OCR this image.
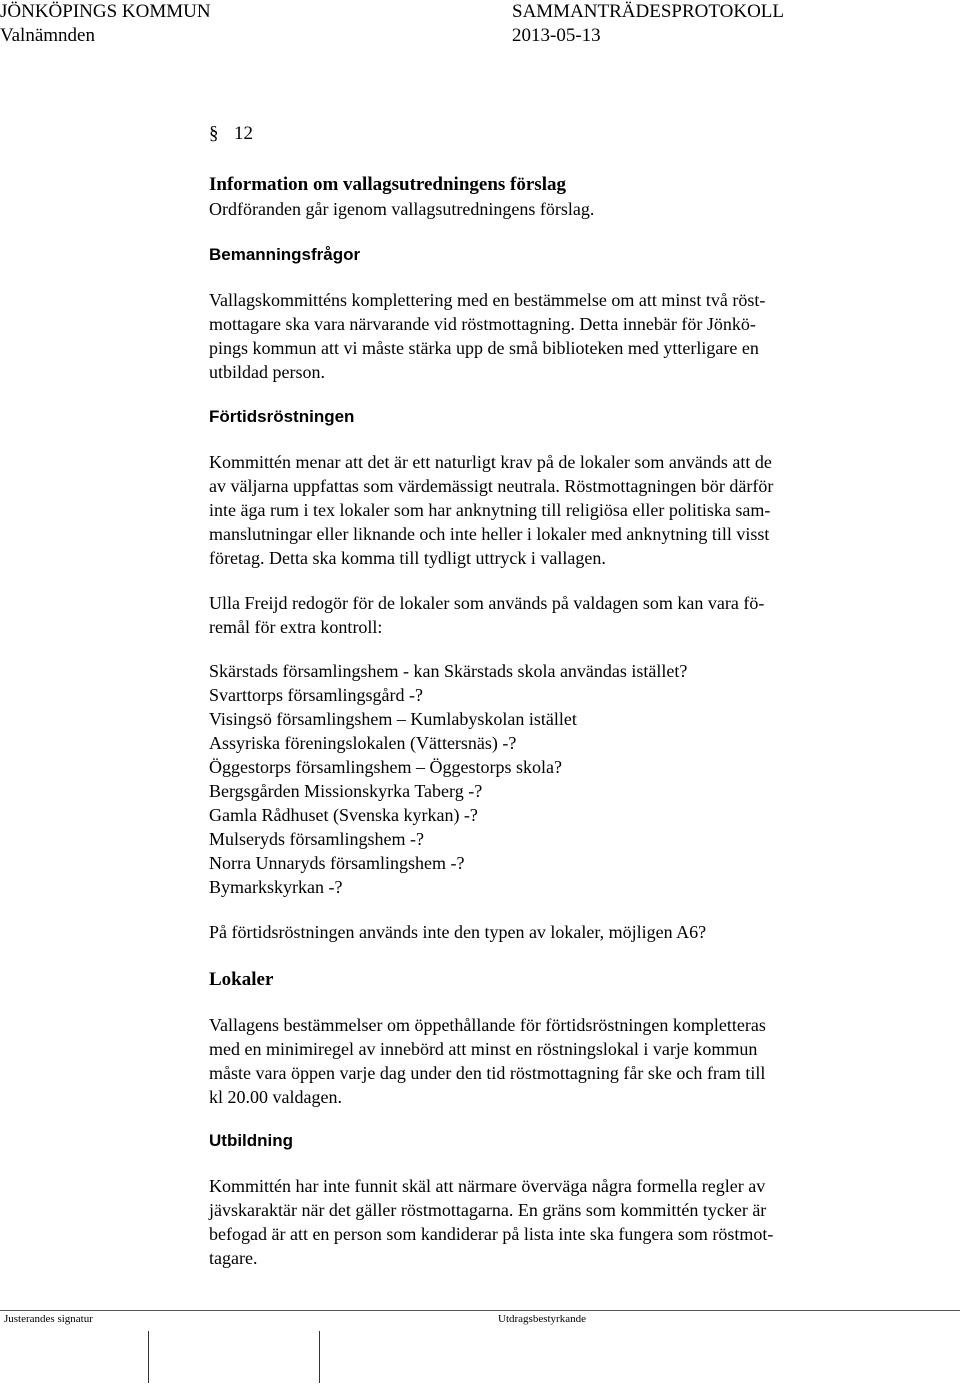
JÖNKÖPINGS KOMMUN	SAMMANTRÄDESPROTOKOLL
Valnämnden	2013-05-13
§ 12
Information om vallagsutredningens förslag
Ordföranden går igenom vallagsutredningens förslag.
Bemanningsfrågor
Vallagskommitténs komplettering med en bestämmelse om att minst två röst-
mottagare ska vara närvarande vid röstmottagning. Detta innebär för Jönkö-
pings kommun att vi måste stärka upp de små biblioteken med ytterligare en
utbildad person.
Förtidsröstningen
Kommittén menar att det är ett naturligt krav på de lokaler som används att de
av väljarna uppfattas som värdemässigt neutrala. Röstmottagningen bör därför
inte äga rum i tex lokaler som har anknytning till religiösa eller politiska sam-
manslutningar eller liknande och inte heller i lokaler med anknytning till visst
företag. Detta ska komma till tydligt uttryck i vallagen.
Ulla Freijd redogör för de lokaler som används på valdagen som kan vara fö-
remål för extra kontroll:
Skärstads församlingshem - kan Skärstads skola användas istället?
Svarttorps församlingsgård -?
Visingsö församlingshem – Kumlabyskolan istället
Assyriska föreningslokalen (Vättersnäs) -?
Öggestorps församlingshem – Öggestorps skola?
Bergsgården Missionskyrka Taberg -?
Gamla Rådhuset (Svenska kyrkan) -?
Mulseryds församlingshem -?
Norra Unnaryds församlingshem -?
Bymarkskyrkan -?
På förtidsröstningen används inte den typen av lokaler, möjligen A6?
Lokaler
Vallagens bestämmelser om öppethållande för förtidsröstningen kompletteras
med en minimiregel av innebörd att minst en röstningslokal i varje kommun
måste vara öppen varje dag under den tid röstmottagning får ske och fram till
kl 20.00 valdagen.
Utbildning
Kommittén har inte funnit skäl att närmare överväga några formella regler av
jävskaraktär när det gäller röstmottagarna. En gräns som kommittén tycker är
befogad är att en person som kandiderar på lista inte ska fungera som röstmot-
tagare.
Justerandes signatur	Utdragsbestyrkande
